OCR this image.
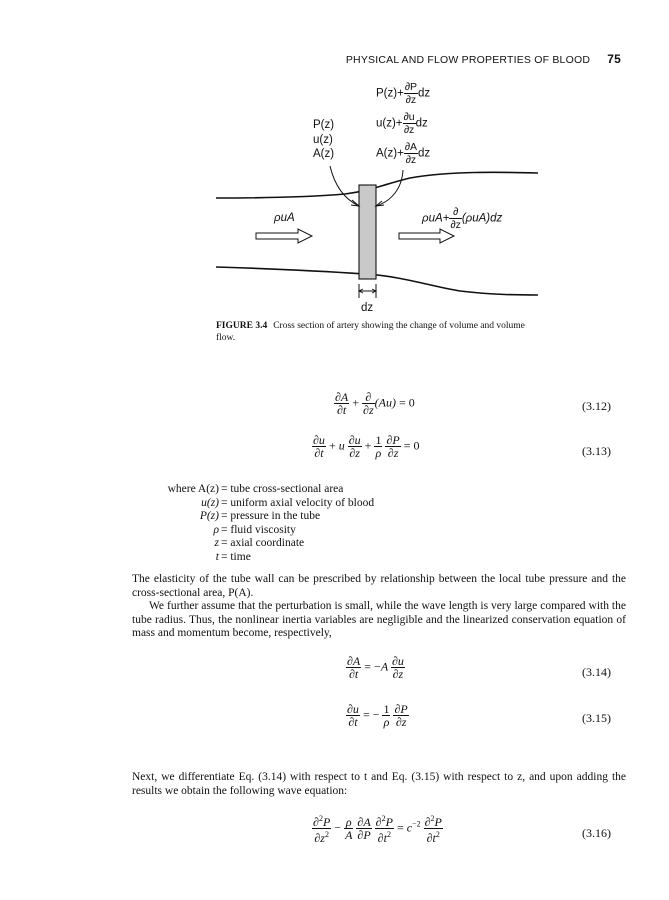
PHYSICAL AND FLOW PROPERTIES OF BLOOD 75
$P(z)+ \frac{\partial P}{\partial z}$ dz
$u(z)+ \frac{\partial u}{\partial z}$ dz
$A(z)+ \frac{\partial A}{\partial z}$ dz
P(z)
u(z)
A(z)
ρuA	$\rho uA+ \frac{\partial}{\partial z} (\rho uA)dz$
dz
FIGURE 3.4 Cross section of artery showing the change of volume and volume flow.
$\frac{\partial A}{\partial t} + \frac{\partial}{\partial z} (Au) = 0$	(3.12)
$\frac{\partial u}{\partial t} + u \frac{\partial u}{\partial z} + \frac{1}{\rho}$
$\frac{\partial P}{\partial z} = 0$	(3.13)
where A(z) = tube cross-sectional area
u(z) = uniform axial velocity of blood
P(z) = pressure in the tube
ρ = fluid viscosity
z = axial coordinate
t = time
The elasticity of the tube wall can be prescribed by relationship between the local tube pressure and the cross-sectional area, P(A).
We further assume that the perturbation is small, while the wave length is very large compared with the tube radius. Thus, the nonlinear inertia variables are negligible and the linearized conservation equation of mass and momentum become, respectively,
$\frac{\partial A}{\partial t} = -A \frac{\partial u}{\partial z}$	(3.14)
$\frac{\partial u}{\partial t}$ = − $\frac{1}{\rho}$
$\frac{\partial P}{\partial z}$	(3.15)
Next, we differentiate Eq. (3.14) with respect to t and Eq. (3.15) with respect to z, and upon adding the results we obtain the following wave equation:
$\frac{\partial^2P}{\partial z^2} - \frac{\rho}{A}$
$\frac{\partial A}{\partial P}$
$\frac{\partial^2P}{\partial t^2} = c^{-2} \frac{\partial^2P}{\partial t^2}$	(3.16)
